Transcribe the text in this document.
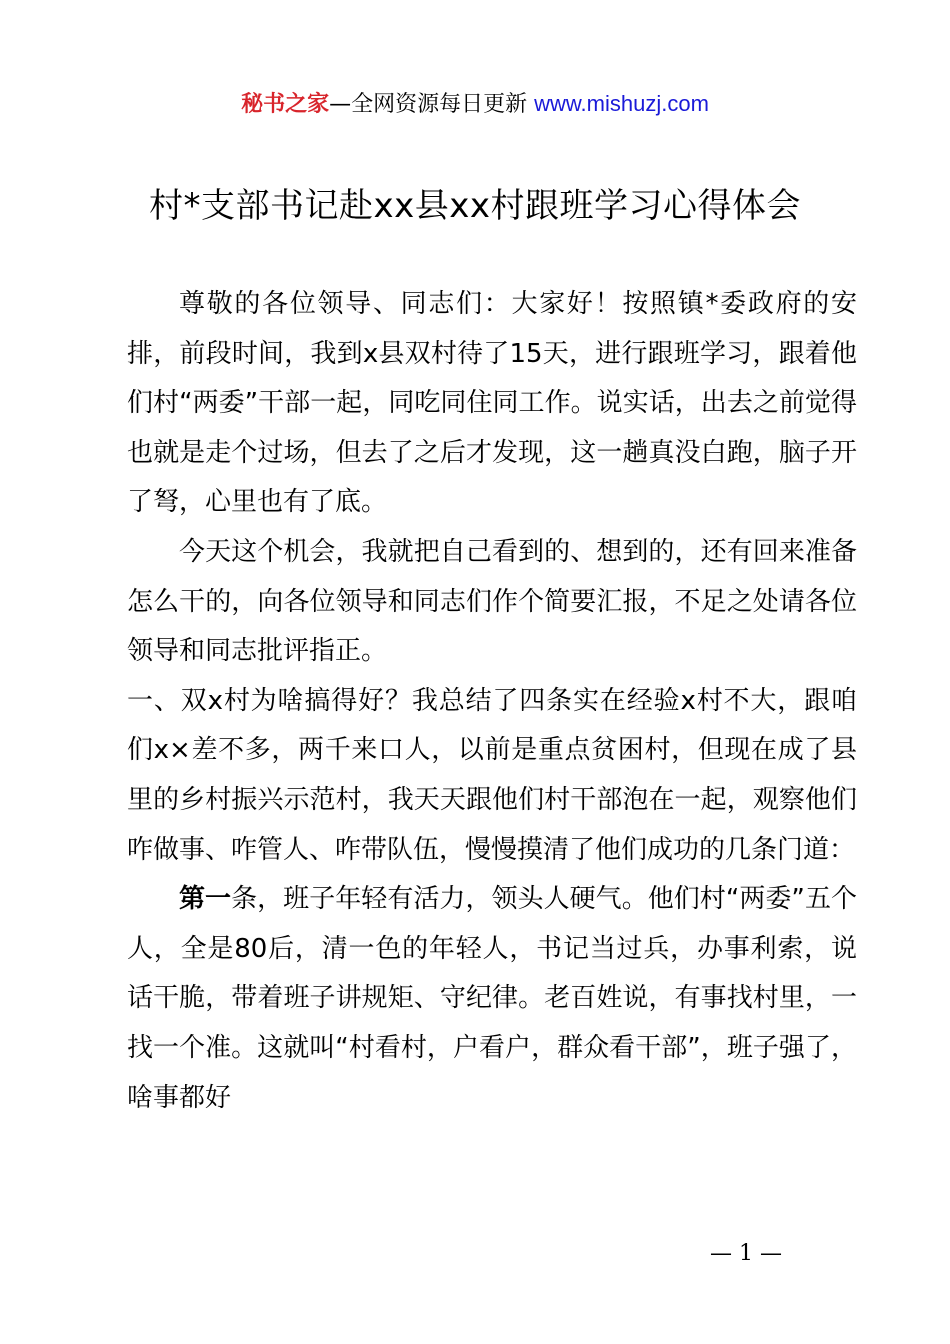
秘书之家—全网资源每日更新 www.mishuzj.com
村*支部书记赴xx县xx村跟班学习心得体会

尊敬的各位领导、同志们：大家好！按照镇*委政府的安排，前段时间，我到x县双村待了15天，进行跟班学习，跟着他们村“两委”干部一起，同吃同住同工作。说实话，出去之前觉得也就是走个过场，但去了之后才发现，这一趟真没白跑，脑子开了弩，心里也有了底。

今天这个机会，我就把自己看到的、想到的，还有回来准备怎么干的，向各位领导和同志们作个简要汇报，不足之处请各位领导和同志批评指正。

一、双x村为啥搞得好？我总结了四条实在经验x村不大，跟咱们x×差不多，两千来口人，以前是重点贫困村，但现在成了县里的乡村振兴示范村，我天天跟他们村干部泡在一起，观察他们咋做事、咋管人、咋带队伍，慢慢摸清了他们成功的几条门道：

第一条，班子年轻有活力，领头人硬气。他们村“两委”五个人，全是80后，清一色的年轻人，书记当过兵，办事利索，说话干脆，带着班子讲规矩、守纪律。老百姓说，有事找村里，一找一个准。这就叫“村看村，户看户，群众看干部”，班子强了，啥事都好

— 1 —
